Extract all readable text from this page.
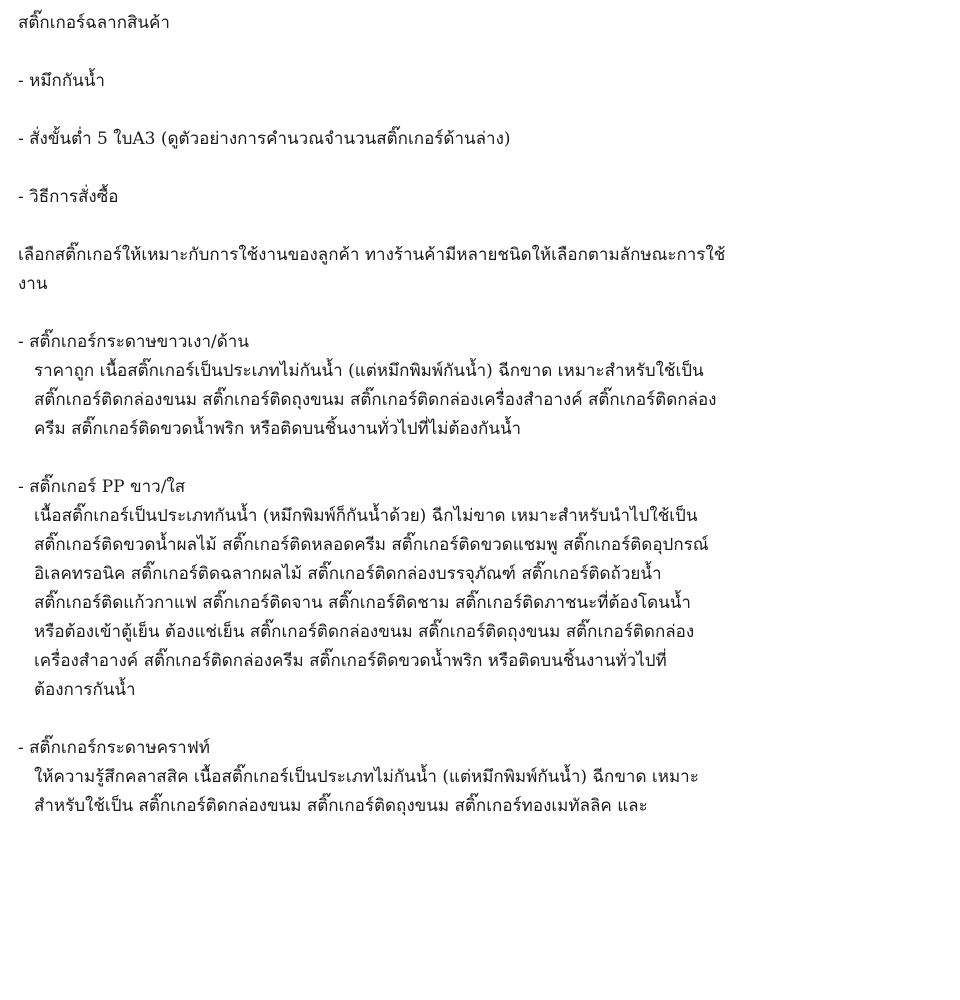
สติ๊กเกอร์ฉลากสินค้า

- หมึกกันน้ำ

- สั่งขั้นต่ำ 5 ใบA3 (ดูตัวอย่างการคำนวณจำนวนสติ๊กเกอร์ด้านล่าง)

- วิธีการสั่งซื้อ

เลือกสติ๊กเกอร์ให้เหมาะกับการใช้งานของลูกค้า ทางร้านค้ามีหลายชนิดให้เลือกตามลักษณะการใช้

งาน

- สติ๊กเกอร์กระดาษขาวเงา/ด้าน

ราคาถูก เนื้อสติ๊กเกอร์เป็นประเภทไม่กันน้ำ (แต่หมึกพิมพ์กันน้ำ) ฉีกขาด เหมาะสำหรับใช้เป็น
สติ๊กเกอร์ติดกล่องขนม สติ๊กเกอร์ติดถุงขนม สติ๊กเกอร์ติดกล่องเครื่องสำอางค์ สติ๊กเกอร์ติดกล่อง
ครีม สติ๊กเกอร์ติดขวดน้ำพริก หรือติดบนชิ้นงานทั่วไปที่ไม่ต้องกันน้ำ

- สติ๊กเกอร์ PP ขาว/ใส

เนื้อสติ๊กเกอร์เป็นประเภทกันน้ำ (หมึกพิมพ์ก็กันน้ำด้วย) ฉีกไม่ขาด เหมาะสำหรับนำไปใช้เป็น
สติ๊กเกอร์ติดขวดน้ำผลไม้ สติ๊กเกอร์ติดหลอดครีม สติ๊กเกอร์ติดขวดแชมพู สติ๊กเกอร์ติดอุปกรณ์
อิเลคทรอนิค สติ๊กเกอร์ติดฉลากผลไม้ สติ๊กเกอร์ติดกล่องบรรจุภัณฑ์ สติ๊กเกอร์ติดถ้วยน้ำ
สติ๊กเกอร์ติดแก้วกาแฟ สติ๊กเกอร์ติดจาน สติ๊กเกอร์ติดชาม สติ๊กเกอร์ติดภาชนะที่ต้องโดนน้ำ
หรือต้องเข้าตู้เย็น ต้องแช่เย็น สติ๊กเกอร์ติดกล่องขนม สติ๊กเกอร์ติดถุงขนม สติ๊กเกอร์ติดกล่อง
เครื่องสำอางค์ สติ๊กเกอร์ติดกล่องครีม สติ๊กเกอร์ติดขวดน้ำพริก หรือติดบนชิ้นงานทั่วไปที่
ต้องการกันน้ำ

- สติ๊กเกอร์กระดาษคราฟท์

ให้ความรู้สึกคลาสสิค เนื้อสติ๊กเกอร์เป็นประเภทไม่กันน้ำ (แต่หมึกพิมพ์กันน้ำ) ฉีกขาด เหมาะ
สำหรับใช้เป็น สติ๊กเกอร์ติดกล่องขนม สติ๊กเกอร์ติดถุงขนม สติ๊กเกอร์ทองเมทัลลิค และ
